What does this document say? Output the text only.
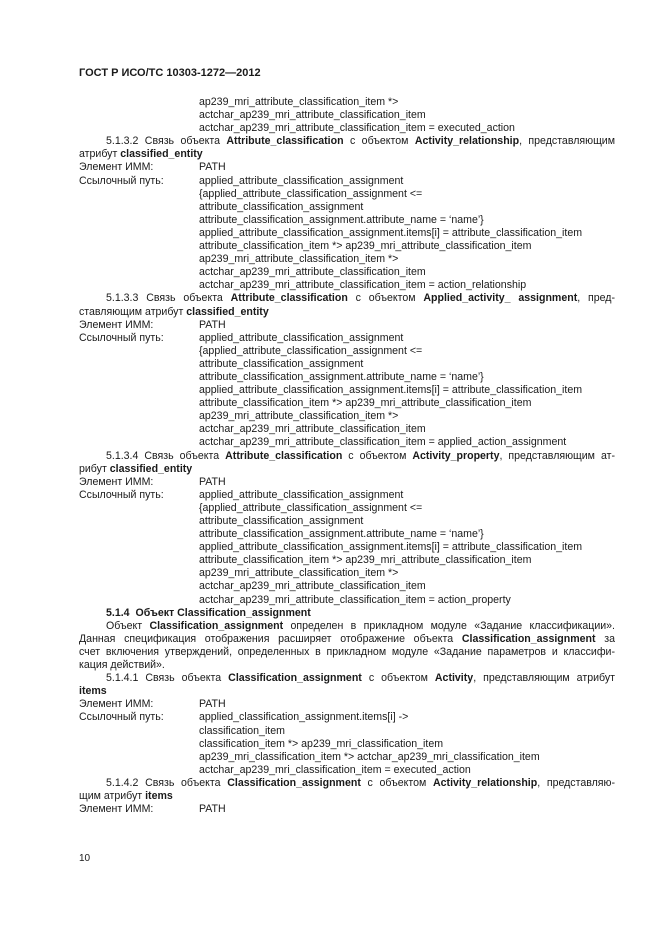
ГОСТ Р ИСО/ТС 10303-1272—2012
ap239_mri_attribute_classification_item *>
actchar_ap239_mri_attribute_classification_item
actchar_ap239_mri_attribute_classification_item = executed_action
5.1.3.2 Связь объекта Attribute_classification с объектом Activity_relationship, представляющим
атрибут classified_entity
Элемент ИММ:	PATH
Ссылочный путь:	applied_attribute_classification_assignment
{applied_attribute_classification_assignment <=
attribute_classification_assignment
attribute_classification_assignment.attribute_name = ‘name’}
applied_attribute_classification_assignment.items[i] = attribute_classification_item
attribute_classification_item *> ap239_mri_attribute_classification_item
ap239_mri_attribute_classification_item *>
actchar_ap239_mri_attribute_classification_item
actchar_ap239_mri_attribute_classification_item = action_relationship
5.1.3.3 Связь объекта Attribute_classification с объектом Applied_activity_ assignment, пред-
ставляющим атрибут classified_entity
Элемент ИММ:	PATH
Ссылочный путь:	applied_attribute_classification_assignment
{applied_attribute_classification_assignment <=
attribute_classification_assignment
attribute_classification_assignment.attribute_name = ‘name’}
applied_attribute_classification_assignment.items[i] = attribute_classification_item
attribute_classification_item *> ap239_mri_attribute_classification_item
ap239_mri_attribute_classification_item *>
actchar_ap239_mri_attribute_classification_item
actchar_ap239_mri_attribute_classification_item = applied_action_assignment
5.1.3.4 Связь объекта Attribute_classification с объектом Activity_property, представляющим ат-
рибут classified_entity
Элемент ИММ:	PATH
Ссылочный путь:	applied_attribute_classification_assignment
{applied_attribute_classification_assignment <=
attribute_classification_assignment
attribute_classification_assignment.attribute_name = ‘name’}
applied_attribute_classification_assignment.items[i] = attribute_classification_item
attribute_classification_item *> ap239_mri_attribute_classification_item
ap239_mri_attribute_classification_item *>
actchar_ap239_mri_attribute_classification_item
actchar_ap239_mri_attribute_classification_item = action_property
5.1.4  Объект Classification_assignment
Объект Classification_assignment определен в прикладном модуле «Задание классификации».
Данная спецификация отображения расширяет отображение объекта Classification_assignment за
счет включения утверждений, определенных в прикладном модуле «Задание параметров и классифи-
кация действий».
5.1.4.1 Связь объекта Classification_assignment с объектом Activity, представляющим атрибут
items
Элемент ИММ:	PATH
Ссылочный путь:	applied_classification_assignment.items[i] ->
classification_item
classification_item *> ap239_mri_classification_item
ap239_mri_classification_item *> actchar_ap239_mri_classification_item
actchar_ap239_mri_classification_item = executed_action
5.1.4.2 Связь объекта Classification_assignment с объектом Activity_relationship, представляю-
щим атрибут items
Элемент ИММ:	PATH
10
